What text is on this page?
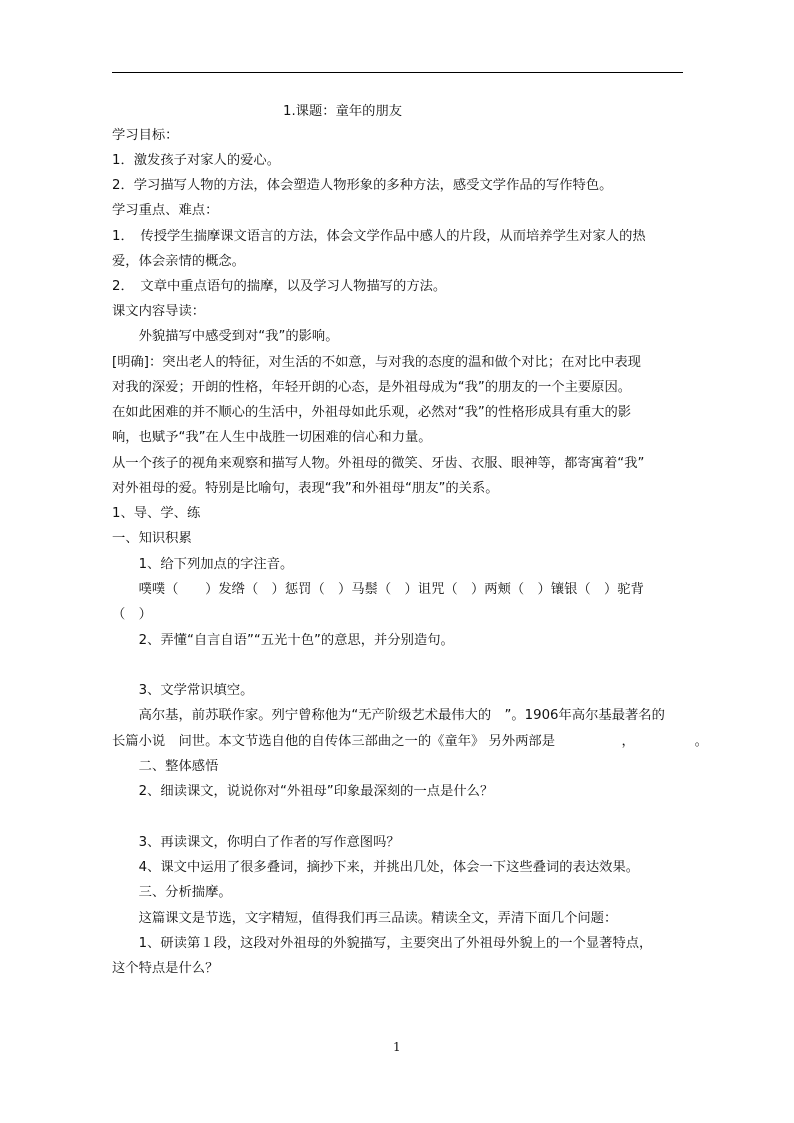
1.课题：童年的朋友
学习目标：
1．激发孩子对家人的爱心。
2．学习描写人物的方法，体会塑造人物形象的多种方法，感受文学作品的写作特色。
学习重点、难点：
1．　传授学生揣摩课文语言的方法，体会文学作品中感人的片段，从而培养学生对家人的热
爱，体会亲情的概念。
2．　文章中重点语句的揣摩，以及学习人物描写的方法。
课文内容导读：
　　外貌描写中感受到对“我”的影响。
[明确]：突出老人的特征，对生活的不如意，与对我的态度的温和做个对比；在对比中表现
对我的深爱；开朗的性格，年轻开朗的心态，是外祖母成为“我”的朋友的一个主要原因。
在如此困难的并不顺心的生活中，外祖母如此乐观，必然对“我”的性格形成具有重大的影
响，也赋予“我”在人生中战胜一切困难的信心和力量。
从一个孩子的视角来观察和描写人物。外祖母的微笑、牙齿、衣服、眼神等，都寄寓着“我”
对外祖母的爱。特别是比喻句，表现“我”和外祖母“朋友”的关系。
1、导、学、练
一、知识积累
　　1、给下列加点的字注音。
　　噗噗（　　）发绺（　）惩罚（　）马鬃（　）诅咒（　）两颊（　）镶银（　）驼背
（　）
　　2、弄懂“自言自语”“五光十色”的意思，并分别造句。
　　3、文学常识填空。
　　高尔基，前苏联作家。列宁曾称他为“无产阶级艺术最伟大的　”。1906年高尔基最著名的
长篇小说　问世。本文节选自他的自传体三部曲之一的《童年》 另外两部是　　　　　，　　　　　。
　　二、整体感悟
　　2、细读课文，说说你对“外祖母”印象最深刻的一点是什么？
　　3、再读课文，你明白了作者的写作意图吗？
　　4、课文中运用了很多叠词，摘抄下来，并挑出几处，体会一下这些叠词的表达效果。
　　三、分析揣摩。
　　这篇课文是节选，文字精短，值得我们再三品读。精读全文，弄清下面几个问题：
　　1、研读第１段，这段对外祖母的外貌描写，主要突出了外祖母外貌上的一个显著特点，
这个特点是什么？
1
